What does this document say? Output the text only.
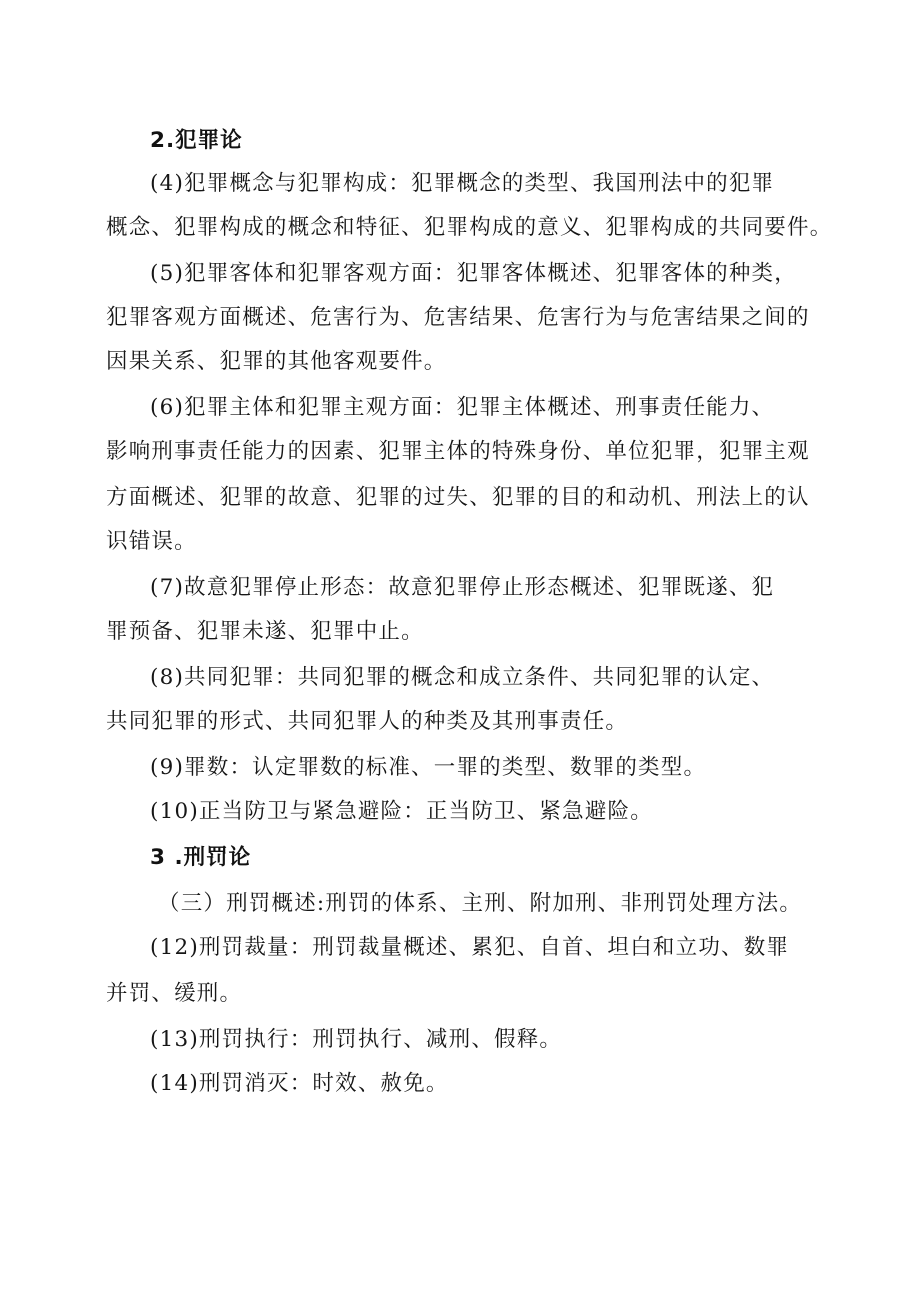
2.犯罪论
(4)犯罪概念与犯罪构成：犯罪概念的类型、我国刑法中的犯罪
概念、犯罪构成的概念和特征、犯罪构成的意义、犯罪构成的共同要件。
(5)犯罪客体和犯罪客观方面：犯罪客体概述、犯罪客体的种类，
犯罪客观方面概述、危害行为、危害结果、危害行为与危害结果之间的
因果关系、犯罪的其他客观要件。
(6)犯罪主体和犯罪主观方面：犯罪主体概述、刑事责任能力、
影响刑事责任能力的因素、犯罪主体的特殊身份、单位犯罪，犯罪主观
方面概述、犯罪的故意、犯罪的过失、犯罪的目的和动机、刑法上的认
识错误。
(7)故意犯罪停止形态：故意犯罪停止形态概述、犯罪既遂、犯
罪预备、犯罪未遂、犯罪中止。
(8)共同犯罪：共同犯罪的概念和成立条件、共同犯罪的认定、
共同犯罪的形式、共同犯罪人的种类及其刑事责任。
(9)罪数：认定罪数的标准、一罪的类型、数罪的类型。
(10)正当防卫与紧急避险：正当防卫、紧急避险。
3 .刑罚论
（三）刑罚概述:刑罚的体系、主刑、附加刑、非刑罚处理方法。
(12)刑罚裁量：刑罚裁量概述、累犯、自首、坦白和立功、数罪
并罚、缓刑。
(13)刑罚执行：刑罚执行、减刑、假释。
(14)刑罚消灭：时效、赦免。
